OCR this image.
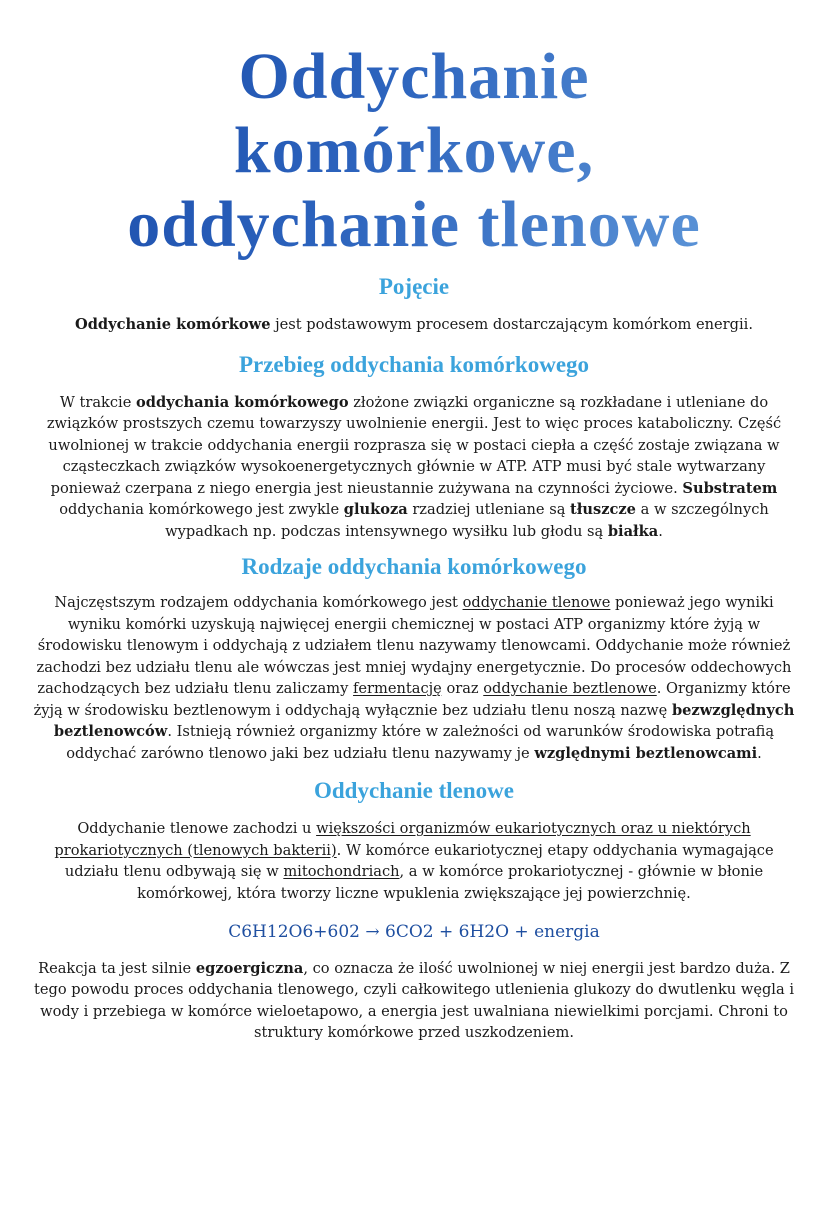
Oddychanie
komórkowe,
oddychanie tlenowe
Pojęcie

Oddychanie komórkowe jest podstawowym procesem dostarczającym komórkom energii.

Przebieg oddychania komórkowego

W trakcie oddychania komórkowego złożone związki organiczne są rozkładane i utleniane do związków prostszych czemu towarzyszy uwolnienie energii. Jest to więc proces kataboliczny. Część uwolnionej w trakcie oddychania energii rozprasza się w postaci ciepła a część zostaje związana w cząsteczkach związków wysokoenergetycznych głównie w ATP. ATP musi być stale wytwarzany ponieważ czerpana z niego energia jest nieustannie zużywana na czynności życiowe. Substratem oddychania komórkowego jest zwykle glukoza rzadziej utleniane są tłuszcze a w szczególnych wypadkach np. podczas intensywnego wysiłku lub głodu są białka.

Rodzaje oddychania komórkowego

Najczęstszym rodzajem oddychania komórkowego jest oddychanie tlenowe ponieważ jego wyniki wyniku komórki uzyskują najwięcej energii chemicznej w postaci ATP organizmy które żyją w środowisku tlenowym i oddychają z udziałem tlenu nazywamy tlenowcami. Oddychanie może również zachodzi bez udziału tlenu ale wówczas jest mniej wydajny energetycznie. Do procesów oddechowych zachodzących bez udziału tlenu zaliczamy fermentację oraz oddychanie beztlenowe. Organizmy które żyją w środowisku beztlenowym i oddychają wyłącznie bez udziału tlenu noszą nazwę bezwzględnych beztlenowców. Istnieją również organizmy które w zależności od warunków środowiska potrafią oddychać zarówno tlenowo jaki bez udziału tlenu nazywamy je względnymi beztlenowcami.

Oddychanie tlenowe

Oddychanie tlenowe zachodzi u większości organizmów eukariotycznych oraz u niektórych prokariotycznych (tlenowych bakterii). W komórce eukariotycznej etapy oddychania wymagające udziału tlenu odbywają się w mitochondriach, a w komórce prokariotycznej - głównie w błonie komórkowej, która tworzy liczne wpuklenia zwiększające jej powierzchnię.

C6H12O6+602 → 6CO2 + 6H2O + energia

Reakcja ta jest silnie egzoergiczna, co oznacza że ilość uwolnionej w niej energii jest bardzo duża. Z tego powodu proces oddychania tlenowego, czyli całkowitego utlenienia glukozy do dwutlenku węgla i wody i przebiega w komórce wieloetapowo, a energia jest uwalniana niewielkimi porcjami. Chroni to struktury komórkowe przed uszkodzeniem.
